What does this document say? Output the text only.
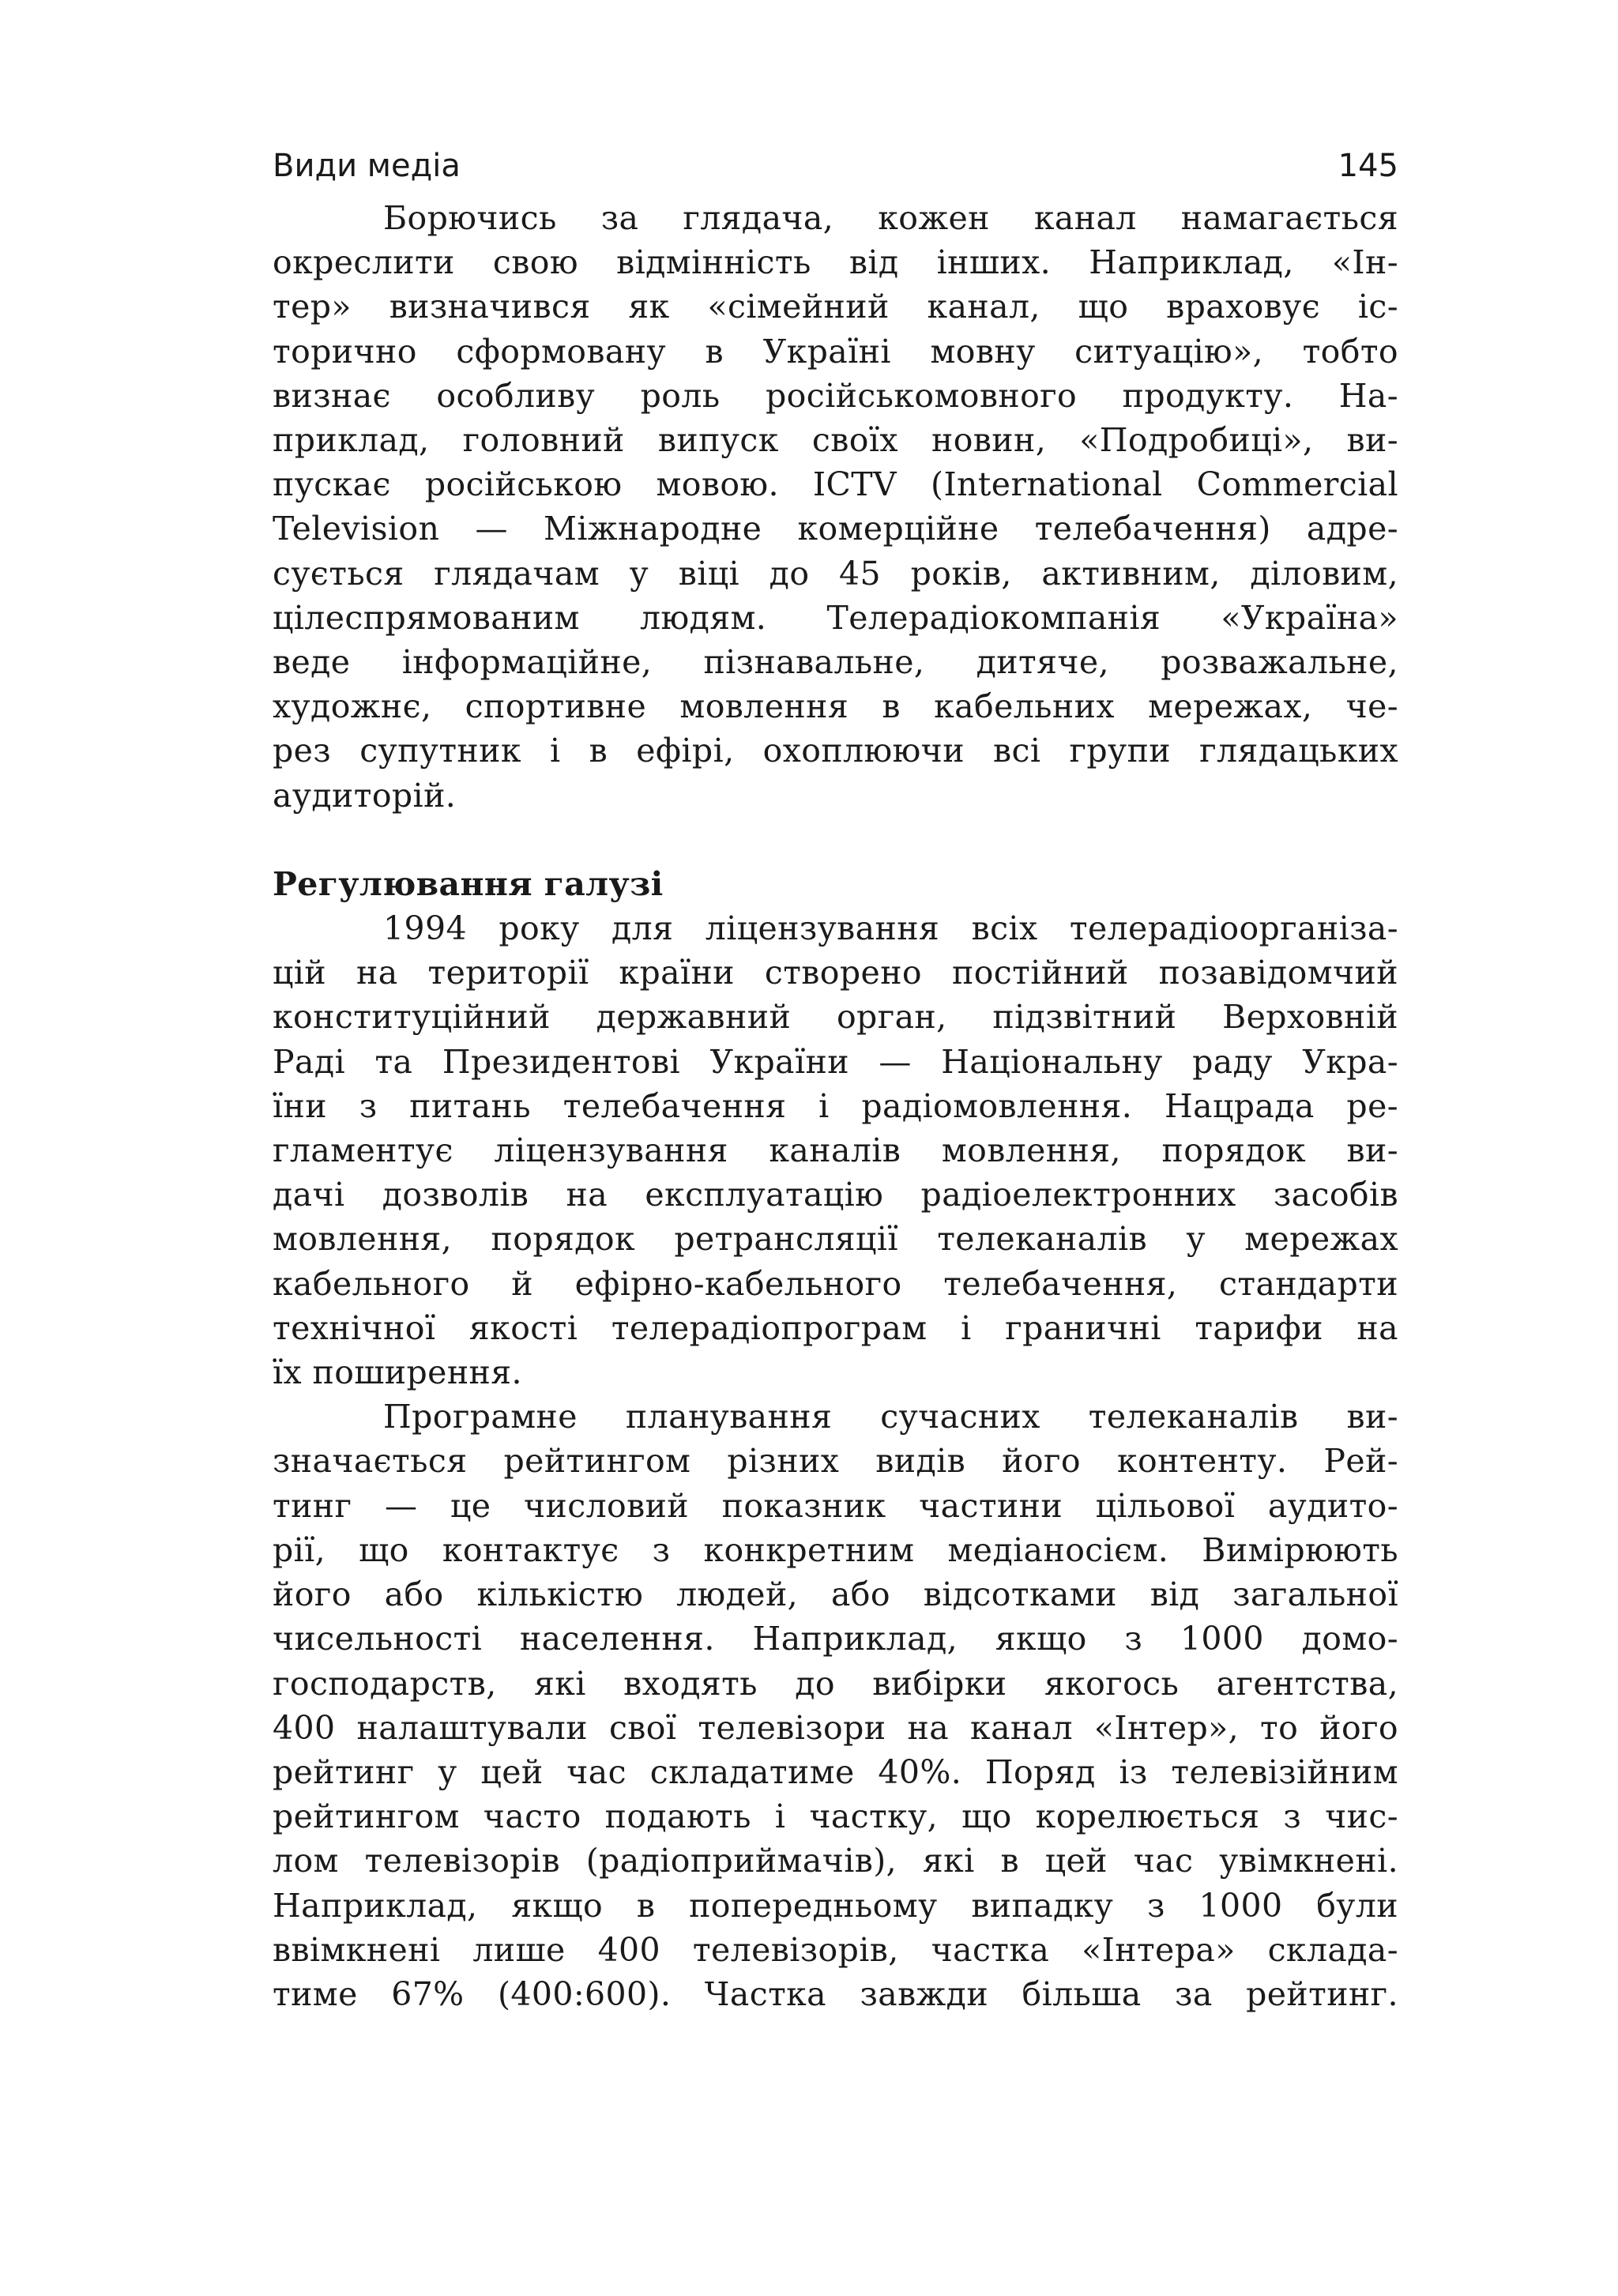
Види медіа	145

Борючись за глядача, кожен канал намагається
окреслити свою відмінність від інших. Наприклад, «Ін-
тер» визначився як «сімейний канал, що враховує іс-
торично сформовану в Україні мовну ситуацію», тобто
визнає особливу роль російськомовного продукту. На-
приклад, головний випуск своїх новин, «Подробиці», ви-
пускає російською мовою. ICTV (International Commercial
Television — Міжнародне комерційне телебачення) адре-
сується глядачам у віці до 45 років, активним, діловим,
цілеспрямованим людям. Телерадіокомпанія «Україна»
веде інформаційне, пізнавальне, дитяче, розважальне,
художнє, спортивне мовлення в кабельних мережах, че-
рез супутник і в ефірі, охоплюючи всі групи глядацьких
аудиторій.

Регулювання галузі

1994 року для ліцензування всіх телерадіоорганіза-
цій на території країни створено постійний позавідомчий
конституційний державний орган, підзвітний Верховній
Раді та Президентові України — Національну раду Укра-
їни з питань телебачення і радіомовлення. Нацрада ре-
гламентує ліцензування каналів мовлення, порядок ви-
дачі дозволів на експлуатацію радіоелектронних засобів
мовлення, порядок ретрансляції телеканалів у мережах
кабельного й ефірно-кабельного телебачення, стандарти
технічної якості телерадіопрограм і граничні тарифи на
їх поширення.

Програмне планування сучасних телеканалів ви-
значається рейтингом різних видів його контенту. Рей-
тинг — це числовий показник частини цільової аудито-
рії, що контактує з конкретним медіаносієм. Вимірюють
його або кількістю людей, або відсотками від загальної
чисельності населення. Наприклад, якщо з 1000 домо-
господарств, які входять до вибірки якогось агентства,
400 налаштували свої телевізори на канал «Інтер», то його
рейтинг у цей час складатиме 40%. Поряд із телевізійним
рейтингом часто подають і частку, що корелюється з чис-
лом телевізорів (радіоприймачів), які в цей час увімкнені.
Наприклад, якщо в попередньому випадку з 1000 були
ввімкнені лише 400 телевізорів, частка «Інтера» склада-
тиме 67% (400:600). Частка завжди більша за рейтинг.
